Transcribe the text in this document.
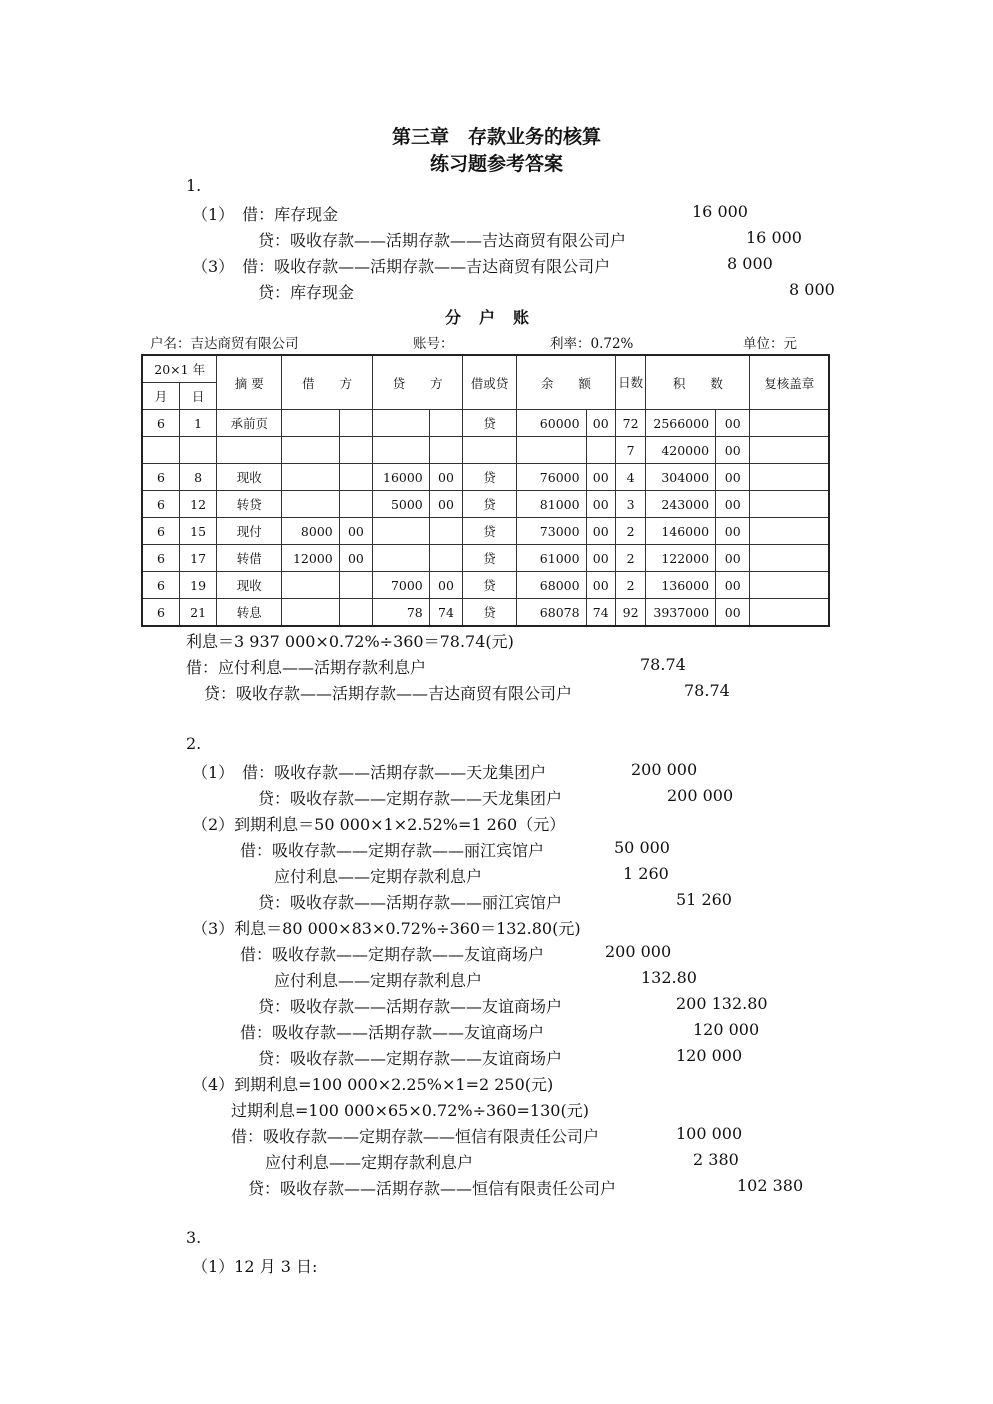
第三章　存款业务的核算
练习题参考答案
1.
（1）　借：库存现金	16 000
贷：吸收存款——活期存款——吉达商贸有限公司户	16 000
（3）　借：吸收存款——活期存款——吉达商贸有限公司户	8 000
贷：库存现金	8 000
分户账
户名：吉达商贸有限公司	账号：	利率：0.72%	单位：元
20×1 年		摘 要	借　　方		贷　　方		借或贷	余　　额		日数	积　　数		复核盖章
月	日												
6	1	承前页					贷	60000	00	72	2566000	00	
										7	420000	00	
6	8	现收			16000	00	贷	76000	00	4	304000	00	
6	12	转贷			5000	00	贷	81000	00	3	243000	00	
6	15	现付	8000	00			贷	73000	00	2	146000	00	
6	17	转借	12000	00			贷	61000	00	2	122000	00	
6	19	现收			7000	00	贷	68000	00	2	136000	00	
6	21	转息			78	74	贷	68078	74	92	3937000	00	
利息＝3 937 000×0.72%÷360＝78.74(元)
借：应付利息——活期存款利息户	78.74
贷：吸收存款——活期存款——吉达商贸有限公司户	78.74
2.
（1）　借：吸收存款——活期存款——天龙集团户	200 000
贷：吸收存款——定期存款——天龙集团户	200 000
（2）到期利息＝50 000×1×2.52%=1 260（元）
借：吸收存款——定期存款——丽江宾馆户	50 000
应付利息——定期存款利息户	1 260
贷：吸收存款——活期存款——丽江宾馆户	51 260
（3）利息＝80 000×83×0.72%÷360＝132.80(元)
借：吸收存款——定期存款——友谊商场户	200 000
应付利息——定期存款利息户	132.80
贷：吸收存款——活期存款——友谊商场户	200 132.80
借：吸收存款——活期存款——友谊商场户	120 000
贷：吸收存款——定期存款——友谊商场户	120 000
（4）到期利息=100 000×2.25%×1=2 250(元)
过期利息=100 000×65×0.72%÷360=130(元)
借：吸收存款——定期存款——恒信有限责任公司户	100 000
应付利息——定期存款利息户	2 380
贷：吸收存款——活期存款——恒信有限责任公司户	102 380
3.
（1）12 月 3 日:
